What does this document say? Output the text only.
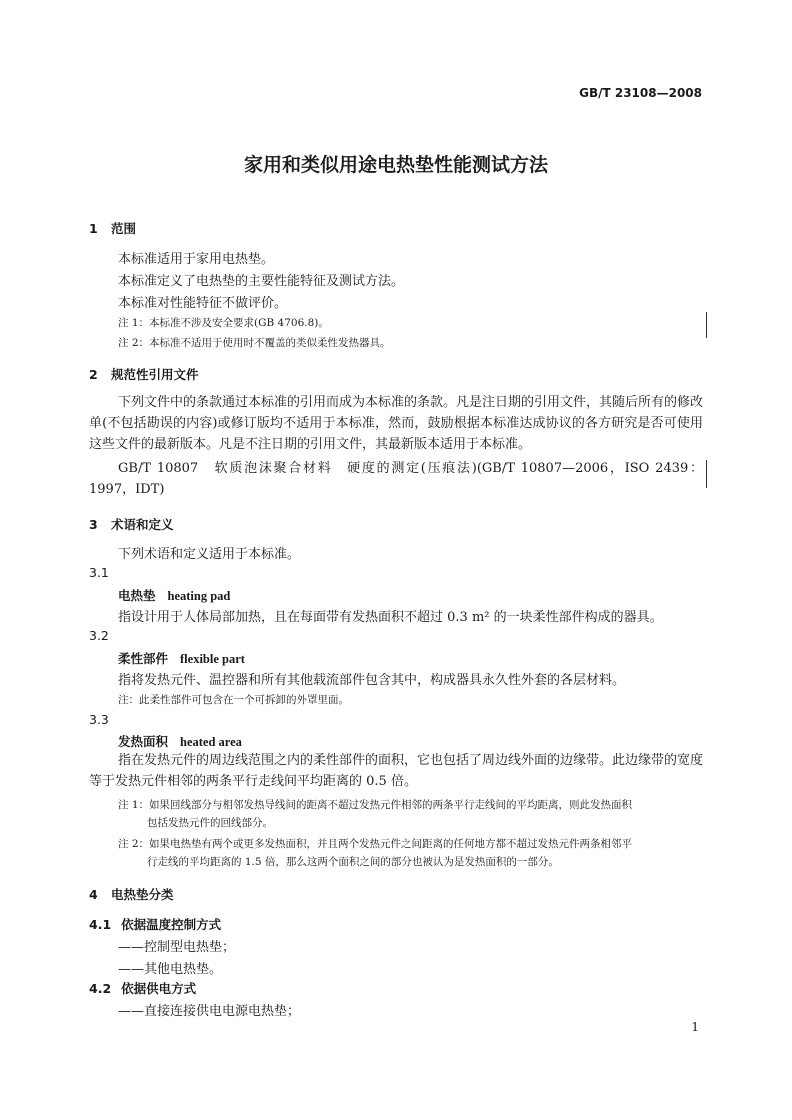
GB/T 23108—2008
家用和类似用途电热垫性能测试方法
1 范围
本标准适用于家用电热垫。
本标准定义了电热垫的主要性能特征及测试方法。
本标准对性能特征不做评价。
注 1：本标准不涉及安全要求(GB 4706.8)。
注 2：本标准不适用于使用时不覆盖的类似柔性发热器具。
2 规范性引用文件
下列文件中的条款通过本标准的引用而成为本标准的条款。凡是注日期的引用文件，其随后所有的修改单(不包括勘误的内容)或修订版均不适用于本标准，然而，鼓励根据本标准达成协议的各方研究是否可使用这些文件的最新版本。凡是不注日期的引用文件，其最新版本适用于本标准。
GB/T 10807　软质泡沫聚合材料　硬度的测定(压痕法)(GB/T 10807—2006，ISO 2439：1997，IDT)
3 术语和定义
下列术语和定义适用于本标准。
3.1
电热垫 heating pad
指设计用于人体局部加热，且在每面带有发热面积不超过 0.3 m² 的一块柔性部件构成的器具。
3.2
柔性部件 flexible part
指将发热元件、温控器和所有其他载流部件包含其中，构成器具永久性外套的各层材料。
注：此柔性部件可包含在一个可拆卸的外罩里面。
3.3
发热面积 heated area
指在发热元件的周边线范围之内的柔性部件的面积，它也包括了周边线外面的边缘带。此边缘带的宽度等于发热元件相邻的两条平行走线间平均距离的 0.5 倍。
注 1：如果回线部分与相邻发热导线间的距离不超过发热元件相邻的两条平行走线间的平均距离，则此发热面积
包括发热元件的回线部分。
注 2：如果电热垫有两个或更多发热面积，并且两个发热元件之间距离的任何地方都不超过发热元件两条相邻平
行走线的平均距离的 1.5 倍，那么这两个面积之间的部分也被认为是发热面积的一部分。
4 电热垫分类
4.1 依据温度控制方式
——控制型电热垫；
——其他电热垫。
4.2 依据供电方式
——直接连接供电电源电热垫；
1
